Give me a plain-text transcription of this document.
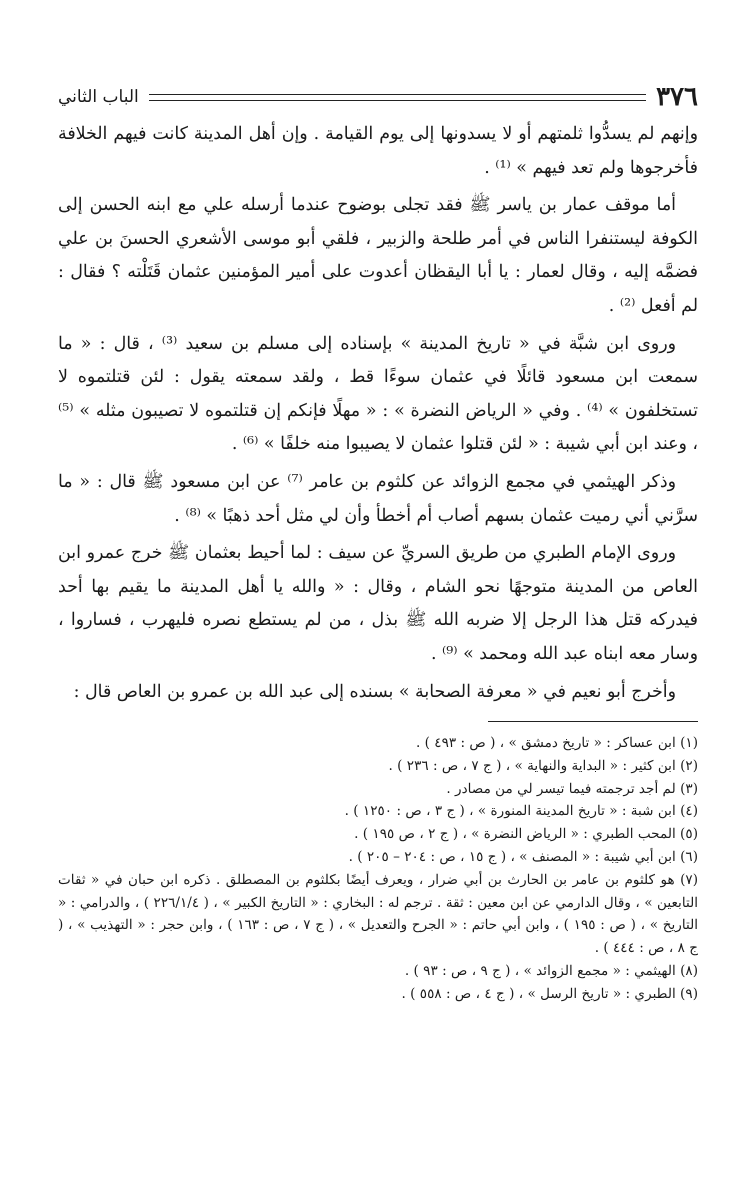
٣٧٦
الباب الثاني

وإنهم لم يسدُّوا ثلمتهم أو لا يسدونها إلى يوم القيامة . وإن أهل المدينة كانت فيهم الخلافة فأخرجوها ولم تعد فيهم » ⁽¹⁾ .

أما موقف عمار بن ياسر ﷺ فقد تجلى بوضوح عندما أرسله علي مع ابنه الحسن إلى الكوفة ليستنفرا الناس في أمر طلحة والزبير ، فلقي أبو موسى الأشعري الحسنَ بن علي فضمَّه إليه ، وقال لعمار : يا أبا اليقظان أعدوت على أمير المؤمنين عثمان قَتَلْته ؟ فقال : لم أفعل ⁽²⁾ .

وروى ابن شبَّة في « تاريخ المدينة » بإسناده إلى مسلم بن سعيد ⁽³⁾ ، قال : « ما سمعت ابن مسعود قائلًا في عثمان سوءًا قط ، ولقد سمعته يقول : لئن قتلتموه لا تستخلفون » ⁽⁴⁾ . وفي « الرياض النضرة » : « مهلًا فإنكم إن قتلتموه لا تصيبون مثله » ⁽⁵⁾ ، وعند ابن أبي شيبة : « لئن قتلوا عثمان لا يصيبوا منه خلفًا » ⁽⁶⁾ .

وذكر الهيثمي في مجمع الزوائد عن كلثوم بن عامر ⁽⁷⁾ عن ابن مسعود ﷺ قال : « ما سرَّني أني رميت عثمان بسهم أصاب أم أخطأ وأن لي مثل أحد ذهبًا » ⁽⁸⁾ .

وروى الإمام الطبري من طريق السريِّ عن سيف : لما أحيط بعثمان ﷺ خرج عمرو ابن العاص من المدينة متوجهًا نحو الشام ، وقال : « والله يا أهل المدينة ما يقيم بها أحد فيدركه قتل هذا الرجل إلا ضربه الله ﷺ بذل ، من لم يستطع نصره فليهرب ، فساروا ، وسار معه ابناه عبد الله ومحمد » ⁽⁹⁾ .

وأخرج أبو نعيم في « معرفة الصحابة » بسنده إلى عبد الله بن عمرو بن العاص قال :

(١) ابن عساكر : « تاريخ دمشق » ، ( ص : ٤٩٣ ) .

(٢) ابن كثير : « البداية والنهاية » ، ( ج ٧ ، ص : ٢٣٦ ) .

(٣) لم أجد ترجمته فيما تيسر لي من مصادر .

(٤) ابن شبة : « تاريخ المدينة المنورة » ، ( ج ٣ ، ص : ١٢٥٠ ) .

(٥) المحب الطبري : « الرياض النضرة » ، ( ج ٢ ، ص ١٩٥ ) .

(٦) ابن أبي شيبة : « المصنف » ، ( ج ١٥ ، ص : ٢٠٤ – ٢٠٥ ) .

(٧) هو كلثوم بن عامر بن الحارث بن أبي ضرار ، ويعرف أيضًا بكلثوم بن المصطلق . ذكره ابن حبان في « ثقات التابعين » ، وقال الدارمي عن ابن معين : ثقة . ترجم له : البخاري : « التاريخ الكبير » ، ( ٢٢٦/١/٤ ) ، والدرامي : « التاريخ » ، ( ص : ١٩٥ ) ، وابن أبي حاتم : « الجرح والتعديل » ، ( ج ٧ ، ص : ١٦٣ ) ، وابن حجر : « التهذيب » ، ( ج ٨ ، ص : ٤٤٤ ) .

(٨) الهيثمي : « مجمع الزوائد » ، ( ج ٩ ، ص : ٩٣ ) .

(٩) الطبري : « تاريخ الرسل » ، ( ج ٤ ، ص : ٥٥٨ ) .
